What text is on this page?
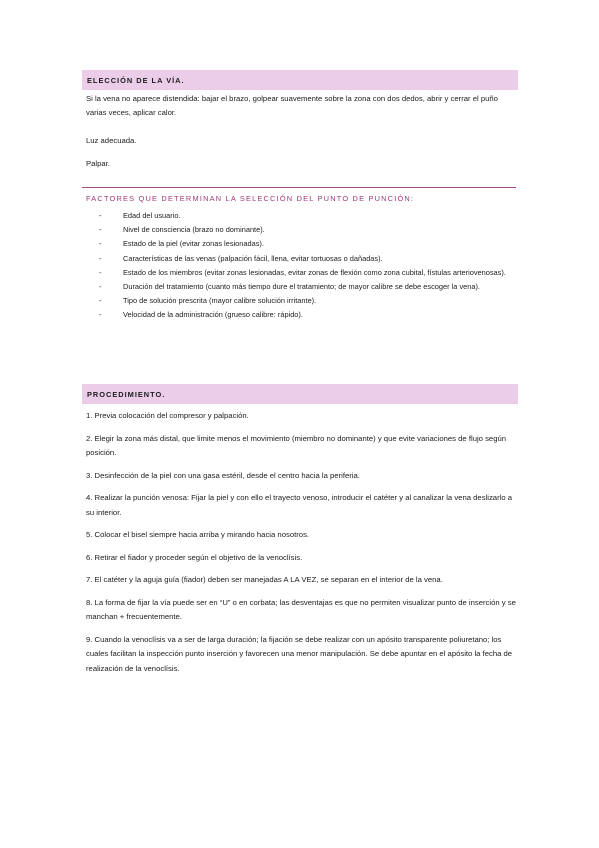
ELECCIÓN DE LA VÍA.

Si la vena no aparece distendida: bajar el brazo, golpear suavemente sobre la zona con dos dedos, abrir y cerrar el puño varias veces, aplicar calor.

Luz adecuada.

Palpar.

FACTORES QUE DETERMINAN LA SELECCIÓN DEL PUNTO DE PUNCIÓN:
-	Edad del usuario.
-	Nivel de consciencia (brazo no dominante).
-	Estado de la piel (evitar zonas lesionadas).
-	Características de las venas (palpación fácil, llena, evitar tortuosas o dañadas).
-	Estado de los miembros (evitar zonas lesionadas, evitar zonas de flexión como zona cubital, fístulas arteriovenosas).
-	Duración del tratamiento (cuanto más tiempo dure el tratamiento; de mayor calibre se debe escoger la vena).
-	Tipo de solución prescrita (mayor calibre solución irritante).
-	Velocidad de la administración (grueso calibre: rápido).
PROCEDIMIENTO.

1. Previa colocación del compresor y palpación.

2. Elegir la zona más distal, que limite menos el movimiento (miembro no dominante) y que evite variaciones de flujo según posición.

3. Desinfección de la piel con una gasa estéril, desde el centro hacia la periferia.

4. Realizar la punción venosa: Fijar la piel y con ello el trayecto venoso, introducir el catéter y al canalizar la vena deslizarlo a su interior.

5. Colocar el bisel siempre hacia arriba y mirando hacia nosotros.

6. Retirar el fiador y proceder según el objetivo de la venoclísis.

7. El catéter y la aguja guía (fiador) deben ser manejadas A LA VEZ, se separan en el interior de la vena.

8. La forma de fijar la vía puede ser en “U” o en corbata; las desventajas es que no permiten visualizar punto de inserción y se manchan + frecuentemente.

9. Cuando la venoclísis va a ser de larga duración; la fijación se debe realizar con un apósito transparente poliuretano; los cuales facilitan la inspección punto inserción y favorecen una menor manipulación. Se debe apuntar en el apósito la fecha de realización de la venoclísis.
